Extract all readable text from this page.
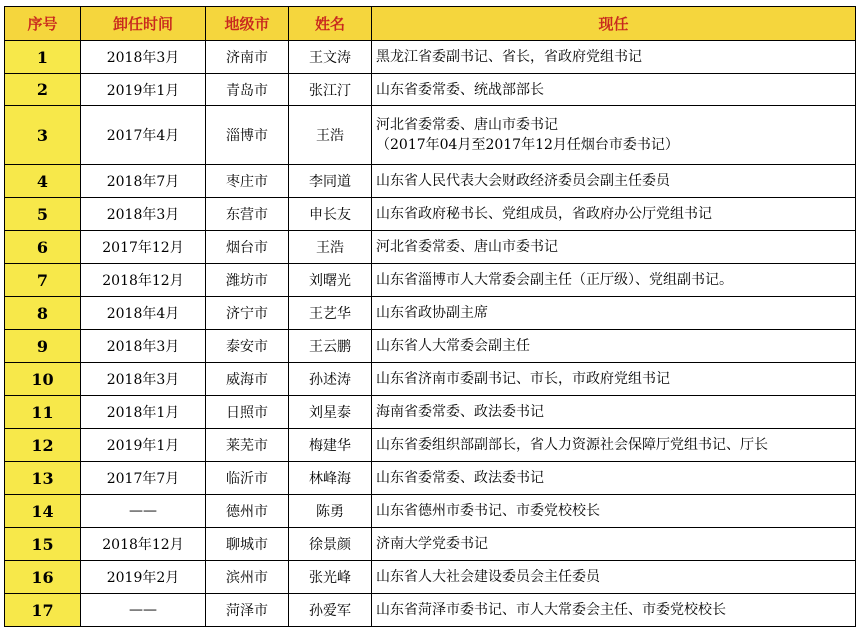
序号	卸任时间	地级市	姓名	现任
1	2018年3月	济南市	王文涛	黑龙江省委副书记、省长，省政府党组书记

2	2019年1月	青岛市	张江汀	山东省委常委、统战部部长

3	2017年4月	淄博市	王浩	河北省委常委、唐山市委书记
（2017年04月至2017年12月任烟台市委书记）

4	2018年7月	枣庄市	李同道	山东省人民代表大会财政经济委员会副主任委员

5	2018年3月	东营市	申长友	山东省政府秘书长、党组成员，省政府办公厅党组书记

6	2017年12月	烟台市	王浩	河北省委常委、唐山市委书记

7	2018年12月	潍坊市	刘曙光	山东省淄博市人大常委会副主任（正厅级）、党组副书记。

8	2018年4月	济宁市	王艺华	山东省政协副主席

9	2018年3月	泰安市	王云鹏	山东省人大常委会副主任

10	2018年3月	威海市	孙述涛	山东省济南市委副书记、市长，市政府党组书记

11	2018年1月	日照市	刘星泰	海南省委常委、政法委书记

12	2019年1月	莱芜市	梅建华	山东省委组织部副部长，省人力资源社会保障厅党组书记、厅长

13	2017年7月	临沂市	林峰海	山东省委常委、政法委书记

14	——	德州市	陈勇	山东省德州市委书记、市委党校校长

15	2018年12月	聊城市	徐景颜	济南大学党委书记

16	2019年2月	滨州市	张光峰	山东省人大社会建设委员会主任委员

17	——	菏泽市	孙爱军	山东省菏泽市委书记、市人大常委会主任、市委党校校长
